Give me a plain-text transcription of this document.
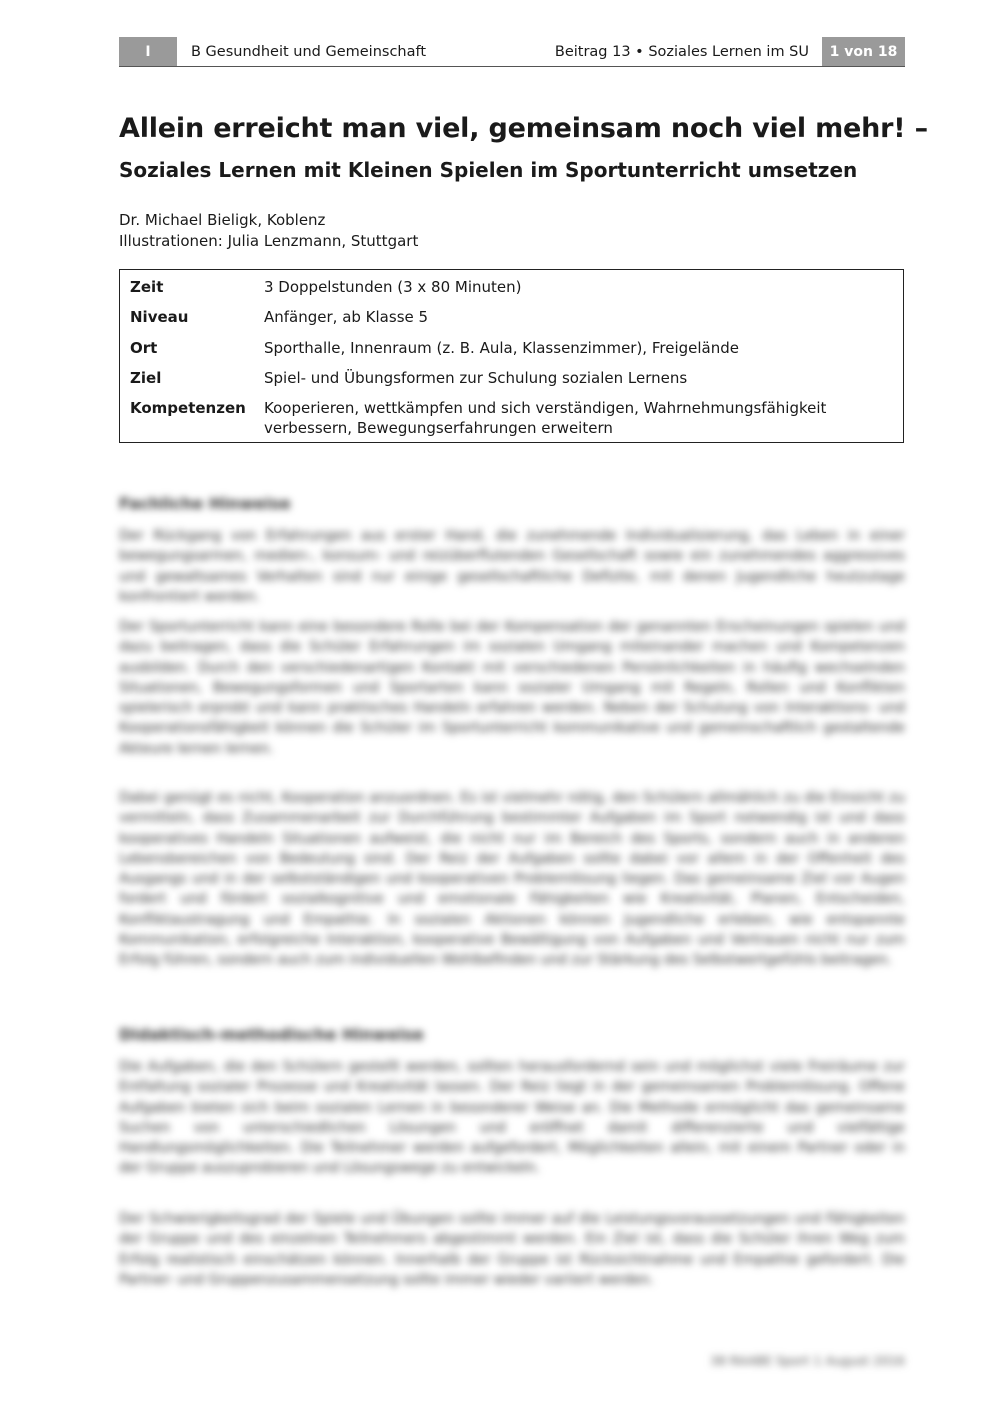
I	B Gesundheit und Gemeinschaft	Beitrag 13 • Soziales Lernen im SU	1 von 18
Allein erreicht man viel, gemeinsam noch viel mehr! –
Soziales Lernen mit Kleinen Spielen im Sportunterricht umsetzen
Dr. Michael Bieligk, Koblenz
Illustrationen: Julia Lenzmann, Stuttgart
Zeit	3 Doppelstunden (3 x 80 Minuten)
Niveau	Anfänger, ab Klasse 5
Ort	Sporthalle, Innenraum (z. B. Aula, Klassenzimmer), Freigelände
Ziel	Spiel- und Übungsformen zur Schulung sozialen Lernens
Kompetenzen	Kooperieren, wettkämpfen und sich verständigen, Wahrnehmungsfähigkeit verbessern, Bewegungserfahrungen erweitern
Fachliche Hinweise

Der Rückgang von Erfahrungen aus erster Hand, die zunehmende Individualisierung, das Leben in einer bewegungsarmen, medien-, konsum- und reizüberflutenden Gesellschaft sowie ein zunehmendes aggressives und gewaltsames Verhalten sind nur einige gesellschaftliche Defizite, mit denen Jugendliche heutzutage konfrontiert werden.

Der Sportunterricht kann eine besondere Rolle bei der Kompensation der genannten Erscheinungen spielen und dazu beitragen, dass die Schüler Erfahrungen im sozialen Umgang miteinander machen und Kompetenzen ausbilden. Durch den verschiedenartigen Kontakt mit verschiedenen Persönlichkeiten in häufig wechselnden Situationen, Bewegungsformen und Sportarten kann sozialer Umgang mit Regeln, Rollen und Konflikten spielerisch erprobt und kann praktisches Handeln erfahren werden. Neben der Schulung von Interaktions- und Kooperationsfähigkeit können die Schüler im Sportunterricht kommunikative und gemeinschaftlich gestaltende Akteure lernen lernen.

Dabei genügt es nicht, Kooperation anzuordnen. Es ist vielmehr nötig, den Schülern allmählich zu die Einsicht zu vermitteln, dass Zusammenarbeit zur Durchführung bestimmter Aufgaben im Sport notwendig ist und dass kooperatives Handeln Situationen aufweist, die nicht nur im Bereich des Sports, sondern auch in anderen Lebensbereichen von Bedeutung sind. Der Reiz der Aufgaben sollte dabei vor allem in der Offenheit des Ausgangs und in der selbstständigen und kooperativen Problemlösung liegen. Das gemeinsame Ziel vor Augen fordert und fördert sozialkognitive und emotionale Fähigkeiten wie Kreativität, Planen, Entscheiden, Konfliktaustragung und Empathie. In sozialen Aktionen können Jugendliche erleben, wie entspannte Kommunikation, erfolgreiche Interaktion, kooperative Bewältigung von Aufgaben und Vertrauen nicht nur zum Erfolg führen, sondern auch zum individuellen Wohlbefinden und zur Stärkung des Selbstwertgefühls beitragen.

Didaktisch-methodische Hinweise

Die Aufgaben, die den Schülern gestellt werden, sollten herausfordernd sein und möglichst viele Freiräume zur Entfaltung sozialer Prozesse und Kreativität lassen. Der Reiz liegt in der gemeinsamen Problemlösung. Offene Aufgaben bieten sich beim sozialen Lernen in besonderer Weise an. Die Methode ermöglicht das gemeinsame Suchen von unterschiedlichen Lösungen und eröffnet damit differenzierte und vielfältige Handlungsmöglichkeiten. Die Teilnehmer werden aufgefordert, Möglichkeiten allein, mit einem Partner oder in der Gruppe auszuprobieren und Lösungswege zu entwickeln.

Der Schwierigkeitsgrad der Spiele und Übungen sollte immer auf die Leistungsvoraussetzungen und Fähigkeiten der Gruppe und des einzelnen Teilnehmers abgestimmt werden. Ein Ziel ist, dass die Schüler ihren Weg zum Erfolg realistisch einschätzen können. Innerhalb der Gruppe ist Rücksichtnahme und Empathie gefordert. Die Partner- und Gruppenzusammensetzung sollte immer wieder variiert werden.

38 RAABE Sport 1 August 2016
